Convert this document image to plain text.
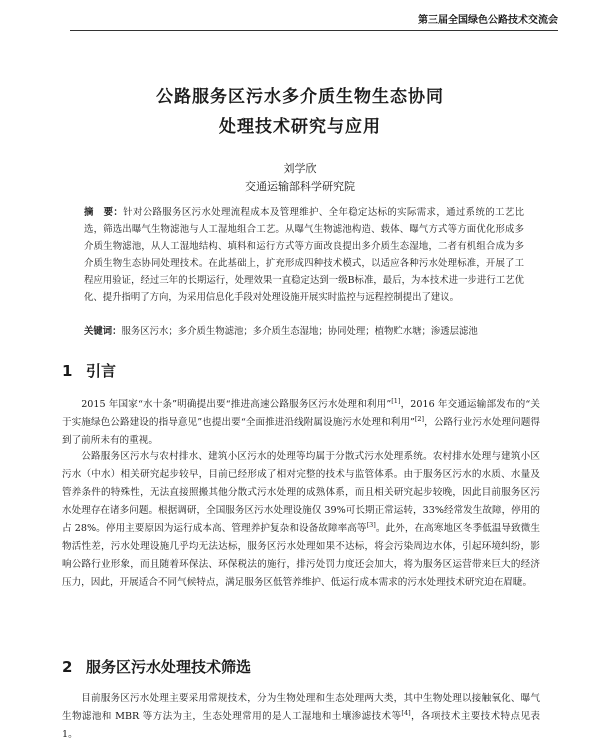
第三届全国绿色公路技术交流会
公路服务区污水多介质生物生态协同
处理技术研究与应用
刘学欣
交通运输部科学研究院
摘　要：针对公路服务区污水处理流程成本及管理维护、全年稳定达标的实际需求，通过系统的工艺比选，筛选出曝气生物滤池与人工湿地组合工艺。从曝气生物滤池构造、载体、曝气方式等方面优化形成多介质生物滤池，从人工湿地结构、填料和运行方式等方面改良提出多介质生态湿地，二者有机组合成为多介质生物生态协同处理技术。在此基础上，扩充形成四种技术模式，以适应各种污水处理标准，开展了工程应用验证，经过三年的长期运行，处理效果一直稳定达到一级B标准，最后，为本技术进一步进行工艺优化、提升指明了方向，为采用信息化手段对处理设施开展实时监控与远程控制提出了建议。
关键词：服务区污水；多介质生物滤池；多介质生态湿地；协同处理；植物贮水塘；渗透层滤池
1 引言
2015 年国家“水十条”明确提出要“推进高速公路服务区污水处理和利用”[1]，2016 年交通运输部发布的“关于实施绿色公路建设的指导意见”也提出要“全面推进沿线附属设施污水处理和利用”[2]，公路行业污水处理问题得到了前所未有的重视。
公路服务区污水与农村排水、建筑小区污水的处理等均属于分散式污水处理系统。农村排水处理与建筑小区污水（中水）相关研究起步较早，目前已经形成了相对完整的技术与监管体系。由于服务区污水的水质、水量及管养条件的特殊性，无法直接照搬其他分散式污水处理的成熟体系，而且相关研究起步较晚，因此目前服务区污水处理存在诸多问题。根据调研，全国服务区污水处理设施仅 39%可长期正常运转，33%经常发生故障，停用的占 28%。停用主要原因为运行成本高、管理养护复杂和设备故障率高等[3]。此外，在高寒地区冬季低温导致微生物活性差，污水处理设施几乎均无法达标，服务区污水处理如果不达标，将会污染周边水体，引起环境纠纷，影响公路行业形象，而且随着环保法、环保税法的施行，排污处罚力度还会加大，将为服务区运营带来巨大的经济压力，因此，开展适合不同气候特点，满足服务区低管养维护、低运行成本需求的污水处理技术研究迫在眉睫。
2 服务区污水处理技术筛选
目前服务区污水处理主要采用常规技术，分为生物处理和生态处理两大类，其中生物处理以接触氧化、曝气生物滤池和 MBR 等方法为主，生态处理常用的是人工湿地和土壤渗滤技术等[4]，各项技术主要技术特点见表 1。
